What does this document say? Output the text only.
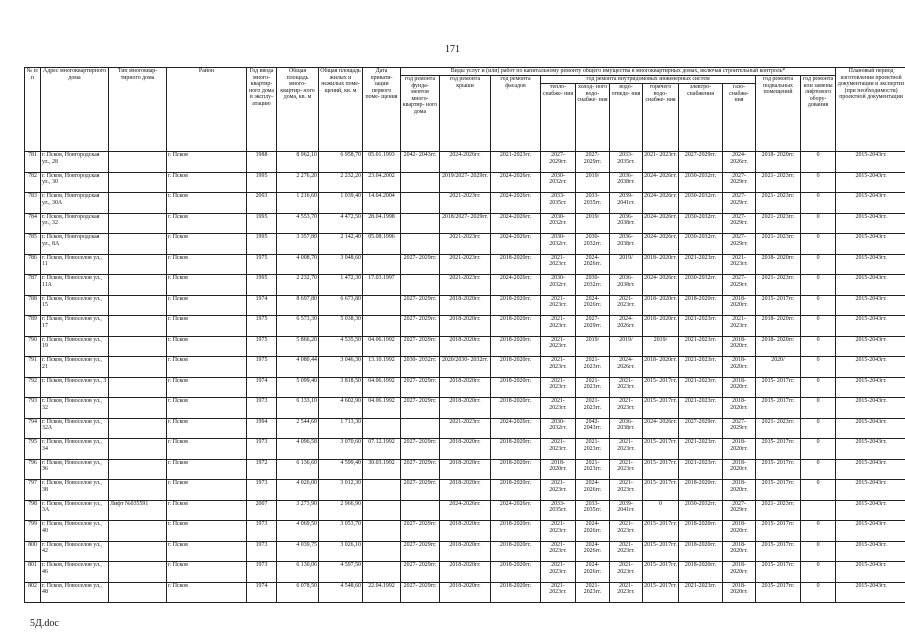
171
№ п/п	Адрес многоквартирного дома	Тип многоквар- тирного дома	Район	Год ввода много- квартир- ного дома в эксплу- атацию	Общая площадь много- квартир- ного дома, кв. м	Общая площадь жилых и нежилых поме- щений, кв. м	Дата привати- зации первого поме- щения	Виды услуг и (или) работ по капитальному ремонту общего имущества в многоквартирных домах, включая строительный контроль*											Плановый период изготовления проектной документации и экспертиз (при необходимости) проектной документации
								год ремонта фунда- ментов много- квартир- ного дома	год ремонта крыши	год ремонта фасадов	год ремонта внутридомовых инженерных систем						год ремонта подвальных помещений	год ремонта или замены лифтового обору- дования	
											тепло- снабже- ния	холод- ного водо- снабже- ния	водо- отведе- ния	горячего водо- снабже- ния	электро- снабжения	газо- снабже- ния			
781	г. Псков, Новгородская ул., 28		г. Псков	1988	8 962,10	6 958,70	05.01.1993	2042- 2043гг.	2024-2026гг.	2021-2023гг.	2027- 2029гг.	2027- 2029гг.	2033- 2035гг.	2021- 2023гг.	2027-2029гг.	2024- 2026гг.	2018- 2020гг.	0	2015-2043гг.
782	г. Псков, Новгородская ул., 30		г. Псков	1995	2 276,20	2 232,20	23.04.2002		2019/2027- 2029гг.	2024-2026гг.	2030- 2032гг.	2019/	2036- 2038гг.	2024- 2026гг.	2030-2032гг.	2027- 2029гг.	2021- 2023гг.	0	2015-2043гг.
783	г. Псков, Новгородская ул., 30А		г. Псков	2003	1 216,60	1 039,40	14.04.2004		2021-2023гг.	2024-2026гг.	2033- 2035гг.	2033- 2035гг.	2039- 2041гг.	2024- 2026гг.	2030-2032гг.	2027- 2029гг.	2021- 2023гг.	0	2015-2043гг.
784	г. Псков, Новгородская ул., 32		г. Псков	1995	4 553,70	4 472,50	28.04.1998		2018/2027- 2029гг.	2024-2026гг.	2030- 2032гг.	2019/	2036- 2038гг.	2024- 2026гг.	2030-2032гг.	2027- 2029гг.	2021- 2023гг.	0	2015-2043гг.
785	г. Псков, Новгородская ул., 8А		г. Псков	1995	3 357,80	2 142,40	05.08.1996		2021-2023гг.	2024-2026гг.	2030- 2032гг.	2030- 2032гг.	2036- 2038гг.	2024- 2026гг.	2030-2032гг.	2027- 2029гг.	2021- 2023гг.	0	2015-2043гг.
786	г. Псков, Новоселов ул., 11		г. Псков	1975	4 008,70	3 048,60		2027- 2029гг.	2021-2023гг.	2018-2020гг.	2021- 2023гг.	2024- 2026гг.	2019/	2018- 2020гг.	2021-2023гг.	2021- 2023гг.	2018- 2020гг.	0	2015-2043гг.
787	г. Псков, Новоселов ул., 11А		г. Псков	1995	2 232,70	1 472,30	17.03.1997		2021-2023гг.	2024-2026гг.	2030- 2032гг.	2030- 2032гг.	2036- 2038гг.	2024- 2026гг.	2030-2032гг.	2027- 2029гг.	2021- 2023гг.	0	2015-2043гг.
788	г. Псков, Новоселов ул., 15		г. Псков	1974	8 697,80	6 673,80		2027- 2029гг.	2018-2020гг.	2018-2020гг.	2021- 2023гг.	2024- 2026гг.	2021- 2023гг.	2018- 2020гг.	2018-2020гг.	2018- 2020гг.	2015- 2017гг.	0	2015-2043гг.
789	г. Псков, Новоселов ул., 17		г. Псков	1975	6 573,30	5 038,30		2027- 2029гг.	2018-2020гг.	2018-2020гг.	2021- 2023гг.	2027- 2029гг.	2024- 2026гг.	2018- 2020гг.	2021-2023гг.	2021- 2023гг.	2018- 2020гг.	0	2015-2043гг.
790	г. Псков, Новоселов ул., 19		г. Псков	1975	5 866,20	4 535,50	04.06.1992	2027- 2029гг.	2018-2020гг.	2018-2020гг.	2021- 2023гг.	2019/	2019/	2019/	2021-2023гг.	2018- 2020гг.	2018- 2020гг.	0	2015-2043гг.
791	г. Псков, Новоселов ул., 21		г. Псков	1975	4 080,44	3 046,30	13.10.1992	2030- 2032гг.	2020/2030- 2032гг.	2018-2020гг.	2021- 2023гг.	2021- 2023гг.	2024- 2026гг.	2018- 2020гг.	2021-2023гг.	2018- 2020гг.	2020/	0	2015-2043гг.
792	г. Псков, Новоселов ул., 3		г. Псков	1974	5 099,40	3 818,50	04.06.1992	2027- 2029гг.	2018-2020гг.	2018-2020гг.	2021- 2023гг.	2021- 2023гг.	2021- 2023гг.	2015- 2017гг.	2021-2023гг.	2018- 2020гг.	2015- 2017гг.	0	2015-2043гг.
793	г. Псков, Новоселов ул., 32		г. Псков	1973	6 133,10	4 602,90	04.06.1992	2027- 2029гг.	2018-2020гг.	2018-2020гг.	2021- 2023гг.	2021- 2023гг.	2021- 2023гг.	2015- 2017гг.	2021-2023гг.	2018- 2020гг.	2015- 2017гг.	0	2015-2043гг.
794	г. Псков, Новоселов ул., 32А		г. Псков	1994	2 544,60	1 713,30			2021-2023гг.	2024-2026гг.	2030- 2032гг.	2042- 2043гг.	2036- 2038гг.	2024- 2026гг.	2027-2029гг.	2027- 2029гг.	2021- 2023гг.	0	2015-2043гг.
795	г. Псков, Новоселов ул., 34		г. Псков	1973	4 096,58	3 070,60	07.12.1992	2027- 2029гг.	2018-2020гг.	2018-2020гг.	2021- 2023гг.	2021- 2023гг.	2021- 2023гг.	2015- 2017гг.	2021-2023гг.	2018- 2020гг.	2015- 2017гг.	0	2015-2043гг.
796	г. Псков, Новоселов ул., 36		г. Псков	1972	6 136,60	4 599,40	30.03.1992	2027- 2029гг.	2018-2020гг.	2018-2020гг.	2018- 2020гг.	2021- 2023гг.	2021- 2023гг.	2015- 2017гг.	2021-2023гг.	2018- 2020гг.	2015- 2017гг.	0	2015-2043гг.
797	г. Псков, Новоселов ул., 38		г. Псков	1973	4 026,00	3 012,30		2027- 2029гг.	2018-2020гг.	2018-2020гг.	2021- 2023гг.	2024- 2026гг.	2021- 2023гг.	2015- 2017гг.	2018-2020гг.	2018- 2020гг.	2015- 2017гг.	0	2015-2043гг.
798	г. Псков, Новоселов ул., 3А	Лифт №035591	г. Псков	2007	3 273,90	2 966,90			2024-2026гг.	2024-2026гг.	2033- 2035гг.	2033- 2035гг.	2039- 2041гг.	0	2030-2032гг.	2027- 2029гг.	2021- 2023гг.		2015-2043гг.
799	г. Псков, Новоселов ул., 40		г. Псков	1973	4 069,50	3 053,70		2027- 2029гг.	2018-2020гг.	2018-2020гг.	2021- 2023гг.	2024- 2026гг.	2021- 2023гг.	2015- 2017гг.	2018-2020гг.	2018- 2020гг.	2015- 2017гг.	0	2015-2043гг.
800	г. Псков, Новоселов ул., 42		г. Псков	1973	4 039,75	3 026,10		2027- 2029гг.	2018-2020гг.	2018-2020гг.	2021- 2023гг.	2024- 2026гг.	2021- 2023гг.	2015- 2017гг.	2018-2020гг.	2018- 2020гг.	2015- 2017гг.	0	2015-2043гг.
801	г. Псков, Новоселов ул., 46		г. Псков	1973	6 130,06	4 597,50		2027- 2029гг.	2018-2020гг.	2018-2020гг.	2021- 2023гг.	2024- 2026гг.	2021- 2023гг.	2015- 2017гг.	2018-2020гг.	2018- 2020гг.	2015- 2017гг.	0	2015-2043гг.
802	г. Псков, Новоселов ул., 48		г. Псков	1974	6 078,50	4 548,60	22.04.1992	2027- 2029гг.	2018-2020гг.	2018-2020гг.	2021- 2023гг.	2021- 2023гг.	2021- 2023гг.	2015- 2017гг.	2021-2023гг.	2018- 2020гг.	2015- 2017гг.	0	2015-2043гг.
5Д.doc
